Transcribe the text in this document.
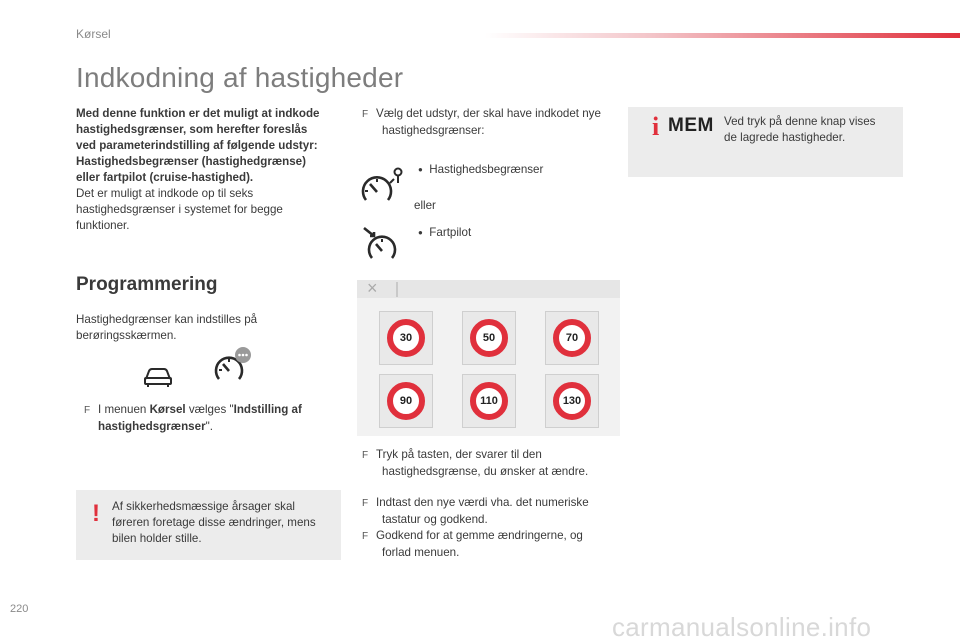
Kørsel
Indkodning af hastigheder
Med denne funktion er det muligt at indkode
hastighedsgrænser, som herefter foreslås
ved parameterindstilling af følgende udstyr:
Hastighedsbegrænser (hastighedgrænse)
eller fartpilot (cruise-hastighed).
Det er muligt at indkode op til seks
hastighedsgrænser i systemet for begge
funktioner.
Programmering
Hastighedgrænser kan indstilles på
berøringsskærmen.
F I menuen Kørsel vælges "Indstilling af
hastighedsgrænser".
! Af sikkerhedsmæssige årsager skal
føreren foretage disse ændringer, mens
bilen holder stille.
F Vælg det udstyr, der skal have indkodet nye
hastighedsgrænser:
● Hastighedsbegrænser
eller
● Fartpilot
×
30	50	70
90	110	130
F Tryk på tasten, der svarer til den
hastighedsgrænse, du ønsker at ændre.
F Indtast den nye værdi vha. det numeriske
tastatur og godkend.
F Godkend for at gemme ændringerne, og
forlad menuen.
i MEM Ved tryk på denne knap vises
de lagrede hastigheder.
220
carmanualsonline.info
